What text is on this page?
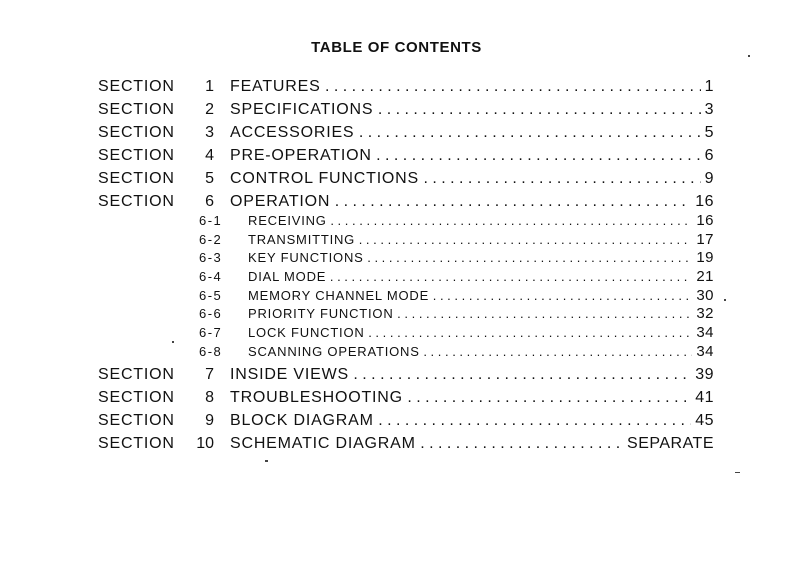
TABLE OF CONTENTS
SECTION	1 FEATURES . . .	1
SECTION	2 SPECIFICATIONS . . .	3
SECTION	3 ACCESSORIES . . .	5
SECTION	4 PRE-OPERATION . . .	6
SECTION	5 CONTROL FUNCTIONS . . .	9
SECTION	6 OPERATION . . .	16
6-1 RECEIVING . . .	16
6-2 TRANSMITTING . . .	17
6-3 KEY FUNCTIONS . . .	19
6-4 DIAL MODE . . .	21
6-5 MEMORY CHANNEL MODE . . .	30
6-6 PRIORITY FUNCTION . . .	32
6-7 LOCK FUNCTION . . .	34
6-8 SCANNING OPERATIONS . . .	34
SECTION	7 INSIDE VIEWS . . .	39
SECTION	8 TROUBLESHOOTING . . .	41
SECTION	9 BLOCK DIAGRAM . . .	45
SECTION	10 SCHEMATIC DIAGRAM . . .	SEPARATE
